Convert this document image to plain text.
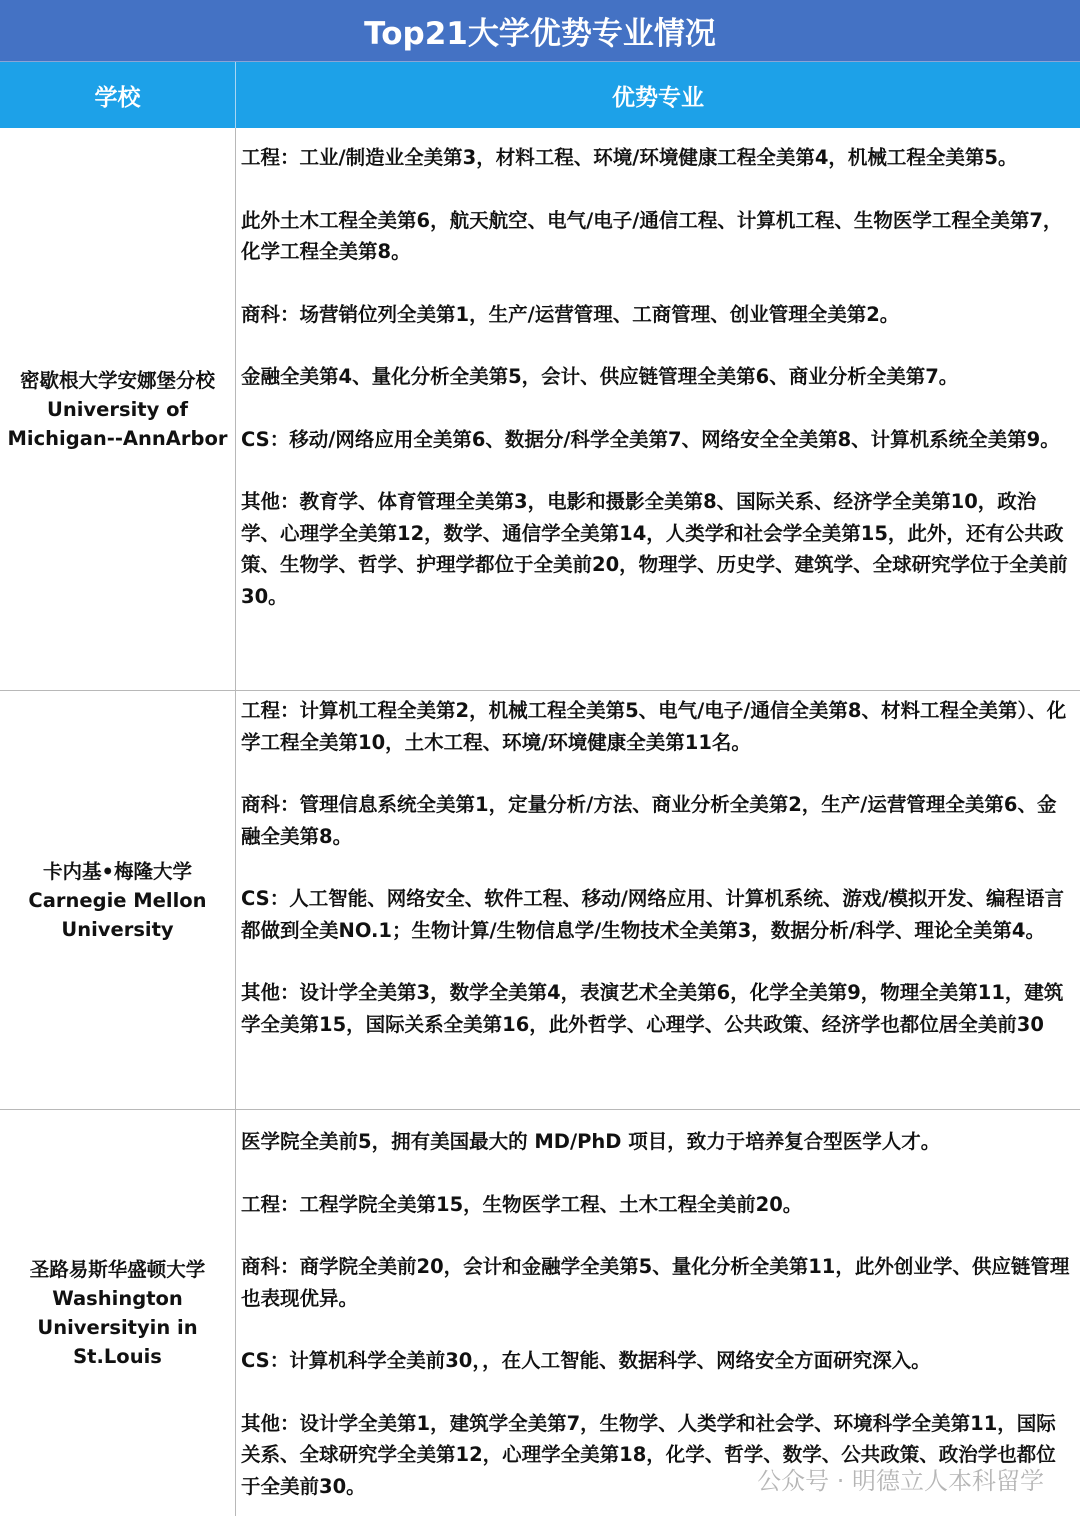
Top21大学优势专业情况
学校	优势专业
密歇根大学安娜堡分校
University of
Michigan--AnnArbor

工程：工业/制造业全美第3，材料工程、环境/环境健康工程全美第4，机械工程全美第5。

此外土木工程全美第6，航天航空、电气/电子/通信工程、计算机工程、生物医学工程全美第7，化学工程全美第8。

商科：场营销位列全美第1，生产/运营管理、工商管理、创业管理全美第2。

金融全美第4、量化分析全美第5，会计、供应链管理全美第6、商业分析全美第7。

CS：移动/网络应用全美第6、数据分/科学全美第7、网络安全全美第8、计算机系统全美第9。

其他：教育学、体育管理全美第3，电影和摄影全美第8、国际关系、经济学全美第10，政治学、心理学全美第12，数学、通信学全美第14，人类学和社会学全美第15，此外，还有公共政策、生物学、哲学、护理学都位于全美前20，物理学、历史学、建筑学、全球研究学位于全美前30。

卡内基•梅隆大学
Carnegie Mellon
University

工程：计算机工程全美第2，机械工程全美第5、电气/电子/通信全美第8、材料工程全美第）、化学工程全美第10，土木工程、环境/环境健康全美第11名。

商科：管理信息系统全美第1，定量分析/方法、商业分析全美第2，生产/运营管理全美第6、金融全美第8。

CS：人工智能、网络安全、软件工程、移动/网络应用、计算机系统、游戏/模拟开发、编程语言都做到全美NO.1；生物计算/生物信息学/生物技术全美第3，数据分析/科学、理论全美第4。

其他：设计学全美第3，数学全美第4，表演艺术全美第6，化学全美第9，物理全美第11，建筑学全美第15，国际关系全美第16，此外哲学、心理学、公共政策、经济学也都位居全美前30

圣路易斯华盛顿大学
Washington
Universityin in
St.Louis

医学院全美前5，拥有美国最大的 MD/PhD 项目，致力于培养复合型医学人才。

工程：工程学院全美第15，生物医学工程、土木工程全美前20。

商科：商学院全美前20，会计和金融学全美第5、量化分析全美第11，此外创业学、供应链管理也表现优异。

CS：计算机科学全美前30，，在人工智能、数据科学、网络安全方面研究深入。

其他：设计学全美第1，建筑学全美第7，生物学、人类学和社会学、环境科学全美第11，国际关系、全球研究学全美第12，心理学全美第18，化学、哲学、数学、公共政策、政治学也都位于全美前30。	公众号 · 明德立人本科留学
